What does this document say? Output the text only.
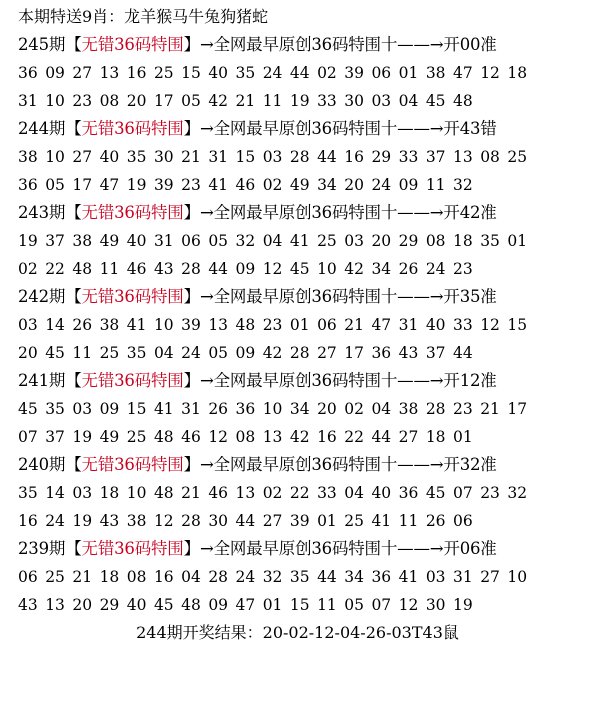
本期特送9肖：龙羊猴马牛兔狗猪蛇
245期【无错36码特围】→全网最早原创36码特围十——→开00准
36 09 27 13 16 25 15 40 35 24 44 02 39 06 01 38 47 12 18
31 10 23 08 20 17 05 42 21 11 19 33 30 03 04 45 48
244期【无错36码特围】→全网最早原创36码特围十——→开43错
38 10 27 40 35 30 21 31 15 03 28 44 16 29 33 37 13 08 25
36 05 17 47 19 39 23 41 46 02 49 34 20 24 09 11 32
243期【无错36码特围】→全网最早原创36码特围十——→开42准
19 37 38 49 40 31 06 05 32 04 41 25 03 20 29 08 18 35 01
02 22 48 11 46 43 28 44 09 12 45 10 42 34 26 24 23
242期【无错36码特围】→全网最早原创36码特围十——→开35准
03 14 26 38 41 10 39 13 48 23 01 06 21 47 31 40 33 12 15
20 45 11 25 35 04 24 05 09 42 28 27 17 36 43 37 44
241期【无错36码特围】→全网最早原创36码特围十——→开12准
45 35 03 09 15 41 31 26 36 10 34 20 02 04 38 28 23 21 17
07 37 19 49 25 48 46 12 08 13 42 16 22 44 27 18 01
240期【无错36码特围】→全网最早原创36码特围十——→开32准
35 14 03 18 10 48 21 46 13 02 22 33 04 40 36 45 07 23 32
16 24 19 43 38 12 28 30 44 27 39 01 25 41 11 26 06
239期【无错36码特围】→全网最早原创36码特围十——→开06准
06 25 21 18 08 16 04 28 24 32 35 44 34 36 41 03 31 27 10
43 13 20 29 40 45 48 09 47 01 15 11 05 07 12 30 19
244期开奖结果：20-02-12-04-26-03T43鼠
